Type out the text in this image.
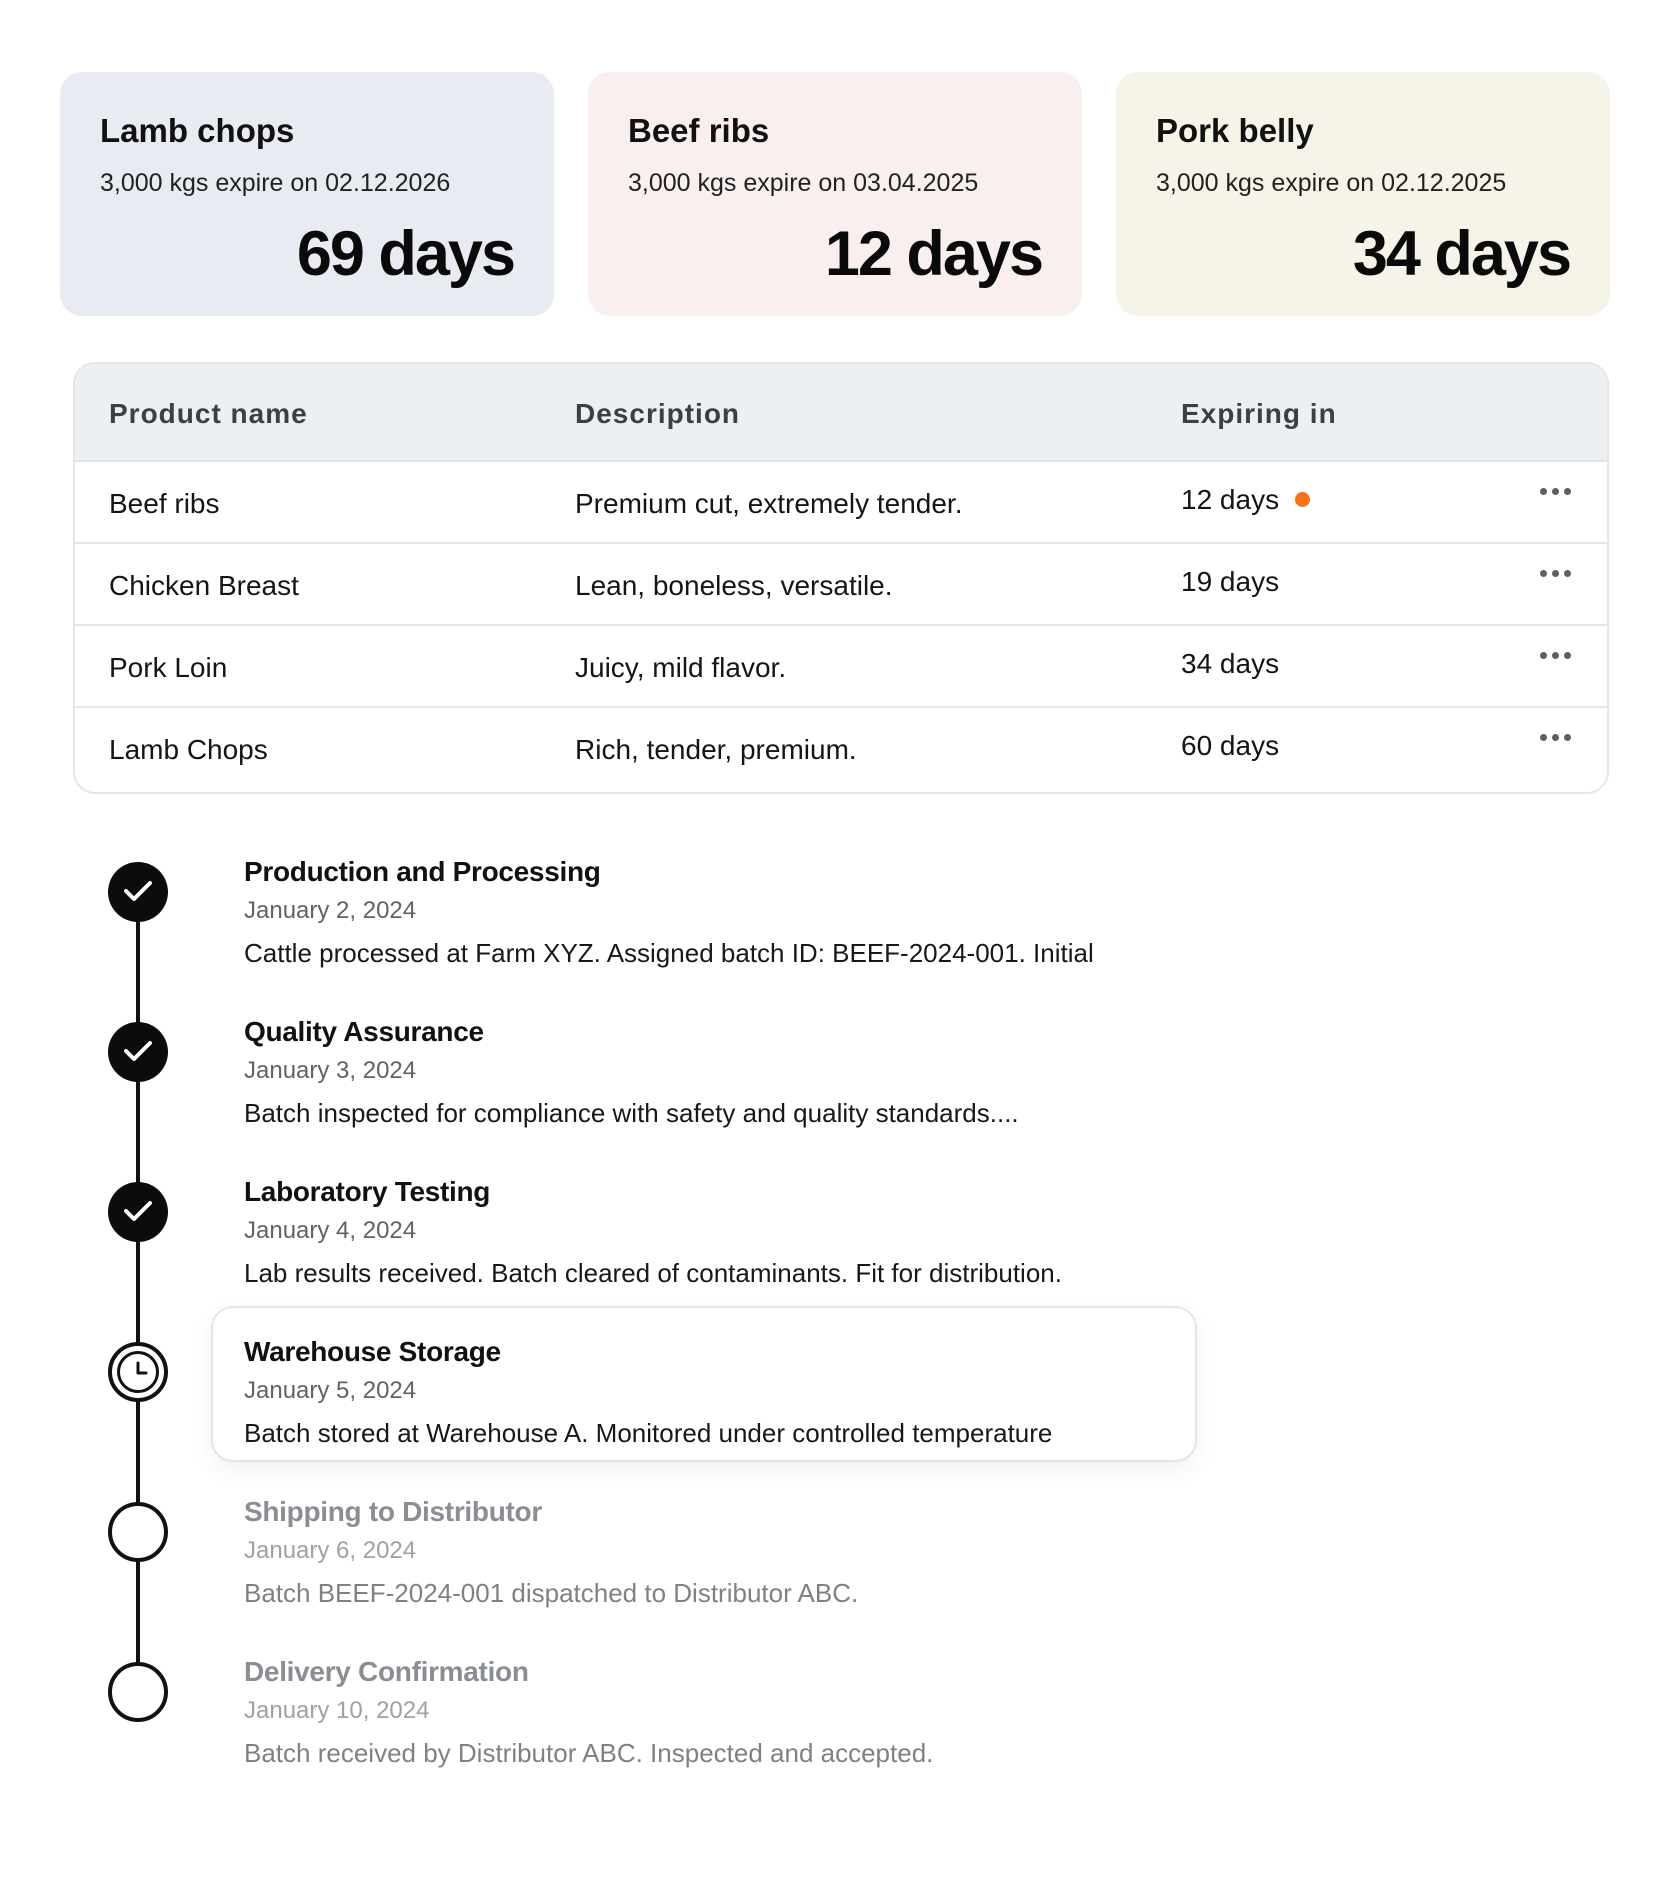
Lamb chops
3,000 kgs expire on 02.12.2026
69 days
Beef ribs
3,000 kgs expire on 03.04.2025
12 days
Pork belly
3,000 kgs expire on 02.12.2025
34 days
Product name	Description	Expiring in
Beef ribs	Premium cut, extremely tender.	12 days
Chicken Breast	Lean, boneless, versatile.	19 days
Pork Loin	Juicy, mild flavor.	34 days
Lamb Chops	Rich, tender, premium.	60 days
Production and Processing
January 2, 2024
Cattle processed at Farm XYZ. Assigned batch ID: BEEF-2024-001. Initial
Quality Assurance
January 3, 2024
Batch inspected for compliance with safety and quality standards....
Laboratory Testing
January 4, 2024
Lab results received. Batch cleared of contaminants. Fit for distribution.
Warehouse Storage
January 5, 2024
Batch stored at Warehouse A. Monitored under controlled temperature
Shipping to Distributor
January 6, 2024
Batch BEEF-2024-001 dispatched to Distributor ABC.
Delivery Confirmation
January 10, 2024
Batch received by Distributor ABC. Inspected and accepted.
